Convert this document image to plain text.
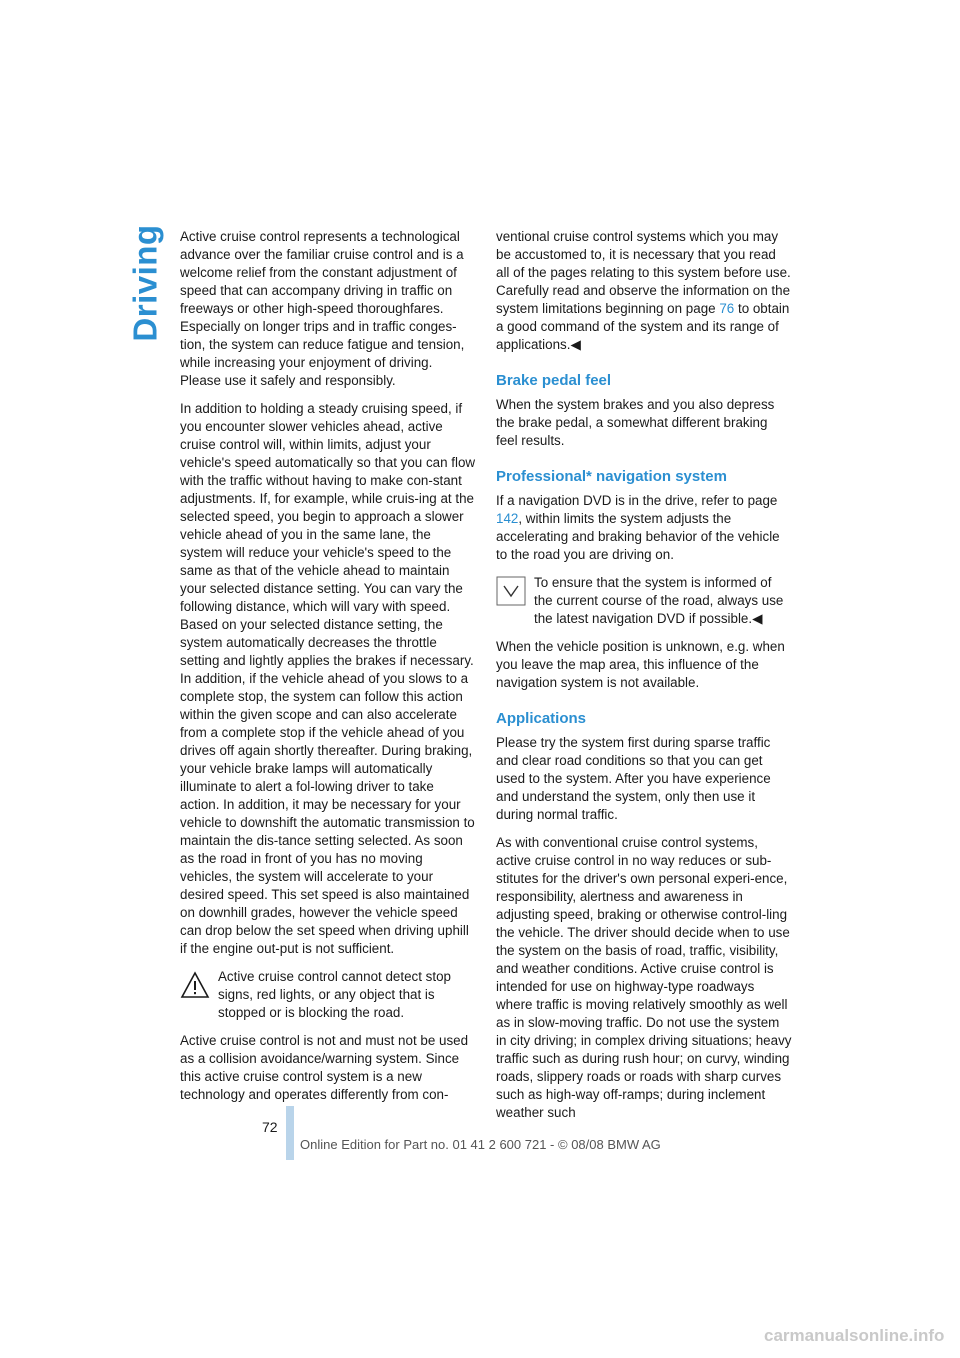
Driving Active cruise control represents a technological advance over the familiar cruise control and is a welcome relief from the constant adjustment of speed that can accompany driving in traffic on freeways or other high-speed thoroughfares. Especially on longer trips and in traffic conges-tion, the system can reduce fatigue and tension, while increasing your enjoyment of driving. Please use it safely and responsibly.

In addition to holding a steady cruising speed, if you encounter slower vehicles ahead, active cruise control will, within limits, adjust your vehicle's speed automatically so that you can flow with the traffic without having to make con-stant adjustments. If, for example, while cruis-ing at the selected speed, you begin to approach a slower vehicle ahead of you in the same lane, the system will reduce your vehicle's speed to the same as that of the vehicle ahead to maintain your selected distance setting. You can vary the following distance, which will vary with speed. Based on your selected distance setting, the system automatically decreases the throttle setting and lightly applies the brakes if necessary. In addition, if the vehicle ahead of you slows to a complete stop, the system can follow this action within the given scope and can also accelerate from a complete stop if the vehicle ahead of you drives off again shortly thereafter. During braking, your vehicle brake lamps will automatically illuminate to alert a fol-lowing driver to take action. In addition, it may be necessary for your vehicle to downshift the automatic transmission to maintain the dis-tance setting selected. As soon as the road in front of you has no moving vehicles, the system will accelerate to your desired speed. This set speed is also maintained on downhill grades, however the vehicle speed can drop below the set speed when driving uphill if the engine out-put is not sufficient.

Active cruise control cannot detect stop signs, red lights, or any object that is stopped or is blocking the road.

Active cruise control is not and must not be used as a collision avoidance/warning system. Since this active cruise control system is a new technology and operates differently from con-

ventional cruise control systems which you may be accustomed to, it is necessary that you read all of the pages relating to this system before use. Carefully read and observe the information on the system limitations beginning on page 76 to obtain a good command of the system and its range of applications.◀

Brake pedal feel

When the system brakes and you also depress the brake pedal, a somewhat different braking feel results.

Professional* navigation system

If a navigation DVD is in the drive, refer to page 142, within limits the system adjusts the accelerating and braking behavior of the vehicle to the road you are driving on.

To ensure that the system is informed of the current course of the road, always use the latest navigation DVD if possible.◀

When the vehicle position is unknown, e.g. when you leave the map area, this influence of the navigation system is not available.

Applications

Please try the system first during sparse traffic and clear road conditions so that you can get used to the system. After you have experience and understand the system, only then use it during normal traffic.

As with conventional cruise control systems, active cruise control in no way reduces or sub-stitutes for the driver's own personal experi-ence, responsibility, alertness and awareness in adjusting speed, braking or otherwise control-ling the vehicle. The driver should decide when to use the system on the basis of road, traffic, visibility, and weather conditions. Active cruise control is intended for use on highway-type roadways where traffic is moving relatively smoothly as well as in slow-moving traffic. Do not use the system in city driving; in complex driving situations; heavy traffic such as during rush hour; on curvy, winding roads, slippery roads or roads with sharp curves such as high-way off-ramps; during inclement weather such

72
Online Edition for Part no. 01 41 2 600 721 - © 08/08 BMW AG
carmanualsonline.info
